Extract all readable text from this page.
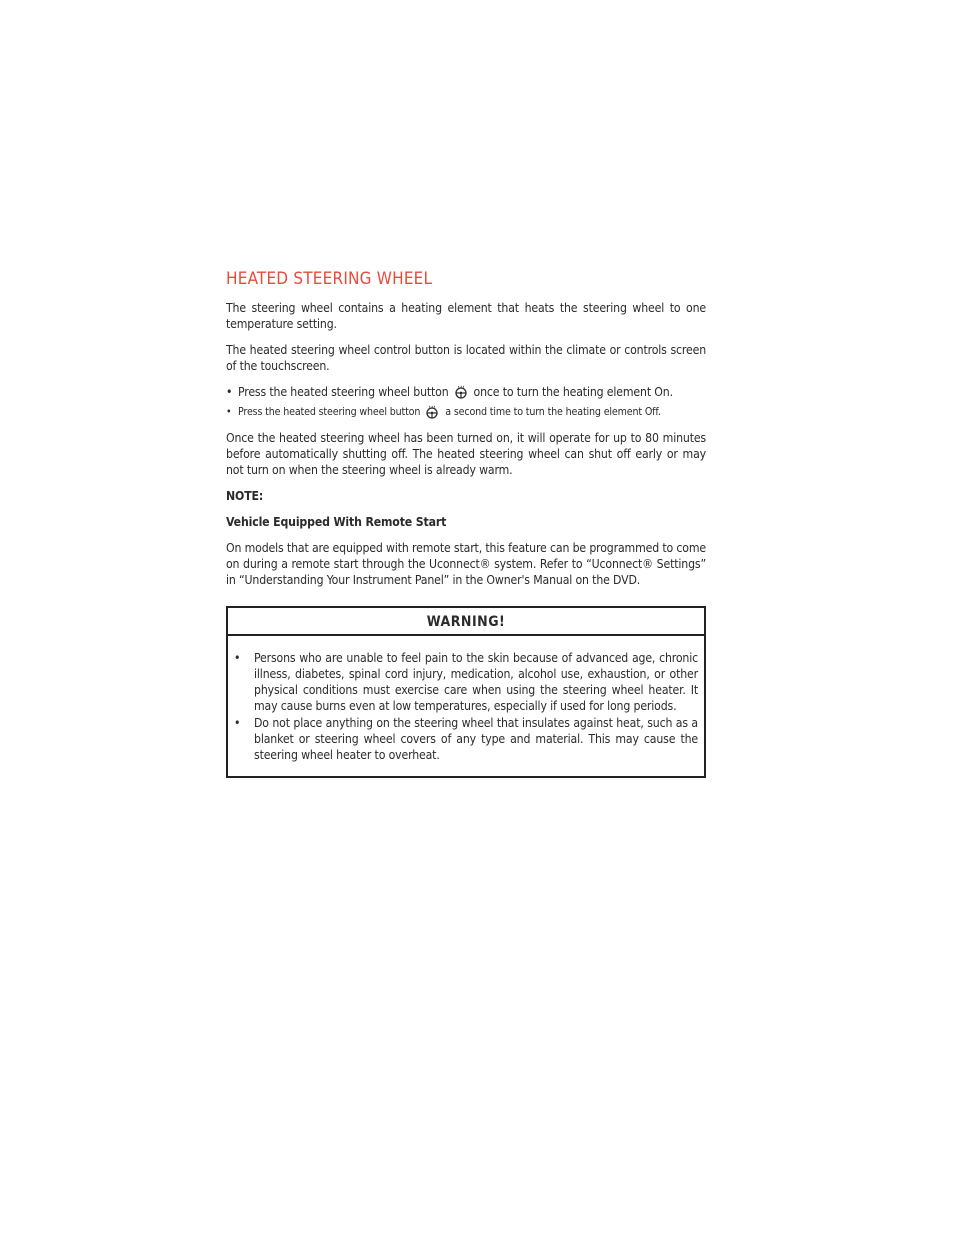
HEATED STEERING WHEEL

The steering wheel contains a heating element that heats the steering wheel to one temperature setting.

The heated steering wheel control button is located within the climate or controls screen of the touchscreen.

• Press the heated steering wheel button once to turn the heating element On.
• Press the heated steering wheel button a second time to turn the heating element Off.

Once the heated steering wheel has been turned on, it will operate for up to 80 minutes before automatically shutting off. The heated steering wheel can shut off early or may not turn on when the steering wheel is already warm.

NOTE:
Vehicle Equipped With Remote Start

On models that are equipped with remote start, this feature can be programmed to come on during a remote start through the Uconnect® system. Refer to “Uconnect® Settings” in “Understanding Your Instrument Panel” in the Owner's Manual on the DVD.

WARNING!
•	Persons who are unable to feel pain to the skin because of advanced age, chronic illness, diabetes, spinal cord injury, medication, alcohol use, exhaustion, or other physical conditions must exercise care when using the steering wheel heater. It may cause burns even at low temperatures, especially if used for long periods.
•	Do not place anything on the steering wheel that insulates against heat, such as a blanket or steering wheel covers of any type and material. This may cause the steering wheel heater to overheat.
